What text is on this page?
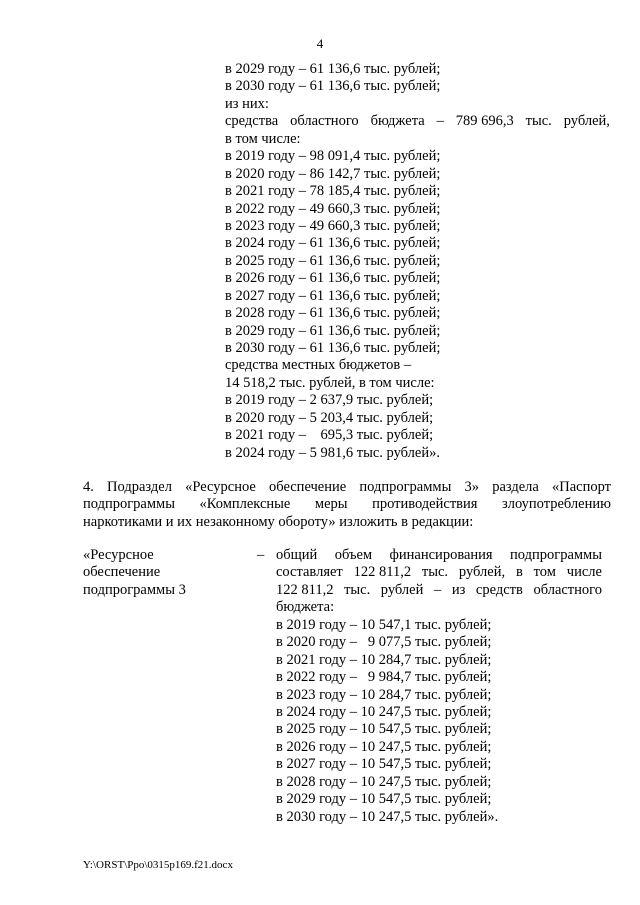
4
в 2029 году – 61 136,6 тыс. рублей;
в 2030 году – 61 136,6 тыс. рублей;
из них:
средства областного бюджета – 789 696,3 тыс. рублей,
в том числе:
в 2019 году – 98 091,4 тыс. рублей;
в 2020 году – 86 142,7 тыс. рублей;
в 2021 году – 78 185,4 тыс. рублей;
в 2022 году – 49 660,3 тыс. рублей;
в 2023 году – 49 660,3 тыс. рублей;
в 2024 году – 61 136,6 тыс. рублей;
в 2025 году – 61 136,6 тыс. рублей;
в 2026 году – 61 136,6 тыс. рублей;
в 2027 году – 61 136,6 тыс. рублей;
в 2028 году – 61 136,6 тыс. рублей;
в 2029 году – 61 136,6 тыс. рублей;
в 2030 году – 61 136,6 тыс. рублей;
средства местных бюджетов –
14 518,2 тыс. рублей, в том числе:
в 2019 году – 2 637,9 тыс. рублей;
в 2020 году – 5 203,4 тыс. рублей;
в 2021 году –    695,3 тыс. рублей;
в 2024 году – 5 981,6 тыс. рублей».
4. Подраздел «Ресурсное обеспечение подпрограммы 3» раздела «Паспорт
подпрограммы «Комплексные меры противодействия злоупотреблению
наркотиками и их незаконному обороту» изложить в редакции:
«Ресурсное
обеспечение
подпрограммы 3
– общий объем финансирования подпрограммы
составляет 122 811,2 тыс. рублей, в том числе
122 811,2 тыс. рублей – из средств областного
бюджета:
в 2019 году – 10 547,1 тыс. рублей;
в 2020 году –   9 077,5 тыс. рублей;
в 2021 году – 10 284,7 тыс. рублей;
в 2022 году –   9 984,7 тыс. рублей;
в 2023 году – 10 284,7 тыс. рублей;
в 2024 году – 10 247,5 тыс. рублей;
в 2025 году – 10 547,5 тыс. рублей;
в 2026 году – 10 247,5 тыс. рублей;
в 2027 году – 10 547,5 тыс. рублей;
в 2028 году – 10 247,5 тыс. рублей;
в 2029 году – 10 547,5 тыс. рублей;
в 2030 году – 10 247,5 тыс. рублей».
Y:\ORST\Ppo\0315p169.f21.docx
